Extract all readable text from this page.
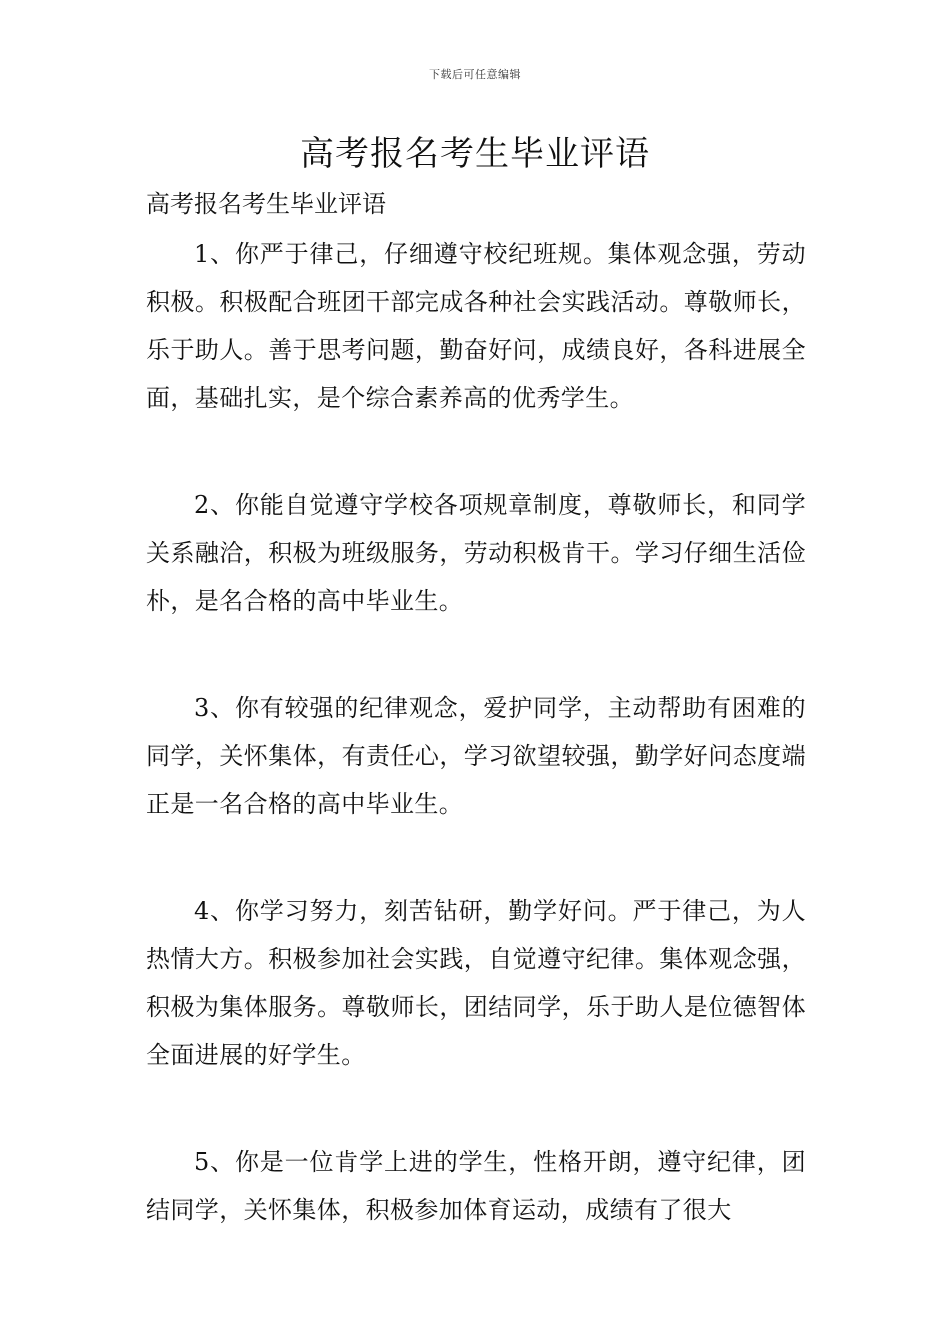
下载后可任意编辑
高考报名考生毕业评语

高考报名考生毕业评语

1、你严于律己，仔细遵守校纪班规。集体观念强，劳动积极。积极配合班团干部完成各种社会实践活动。尊敬师长，乐于助人。善于思考问题，勤奋好问，成绩良好，各科进展全面，基础扎实，是个综合素养高的优秀学生。

2、你能自觉遵守学校各项规章制度，尊敬师长，和同学关系融洽，积极为班级服务，劳动积极肯干。学习仔细生活俭朴，是名合格的高中毕业生。

3、你有较强的纪律观念，爱护同学，主动帮助有困难的同学，关怀集体，有责任心，学习欲望较强，勤学好问态度端正是一名合格的高中毕业生。

4、你学习努力，刻苦钻研，勤学好问。严于律己，为人热情大方。积极参加社会实践，自觉遵守纪律。集体观念强，积极为集体服务。尊敬师长，团结同学，乐于助人是位德智体全面进展的好学生。

5、你是一位肯学上进的学生，性格开朗，遵守纪律，团结同学，关怀集体，积极参加体育运动，成绩有了很大
